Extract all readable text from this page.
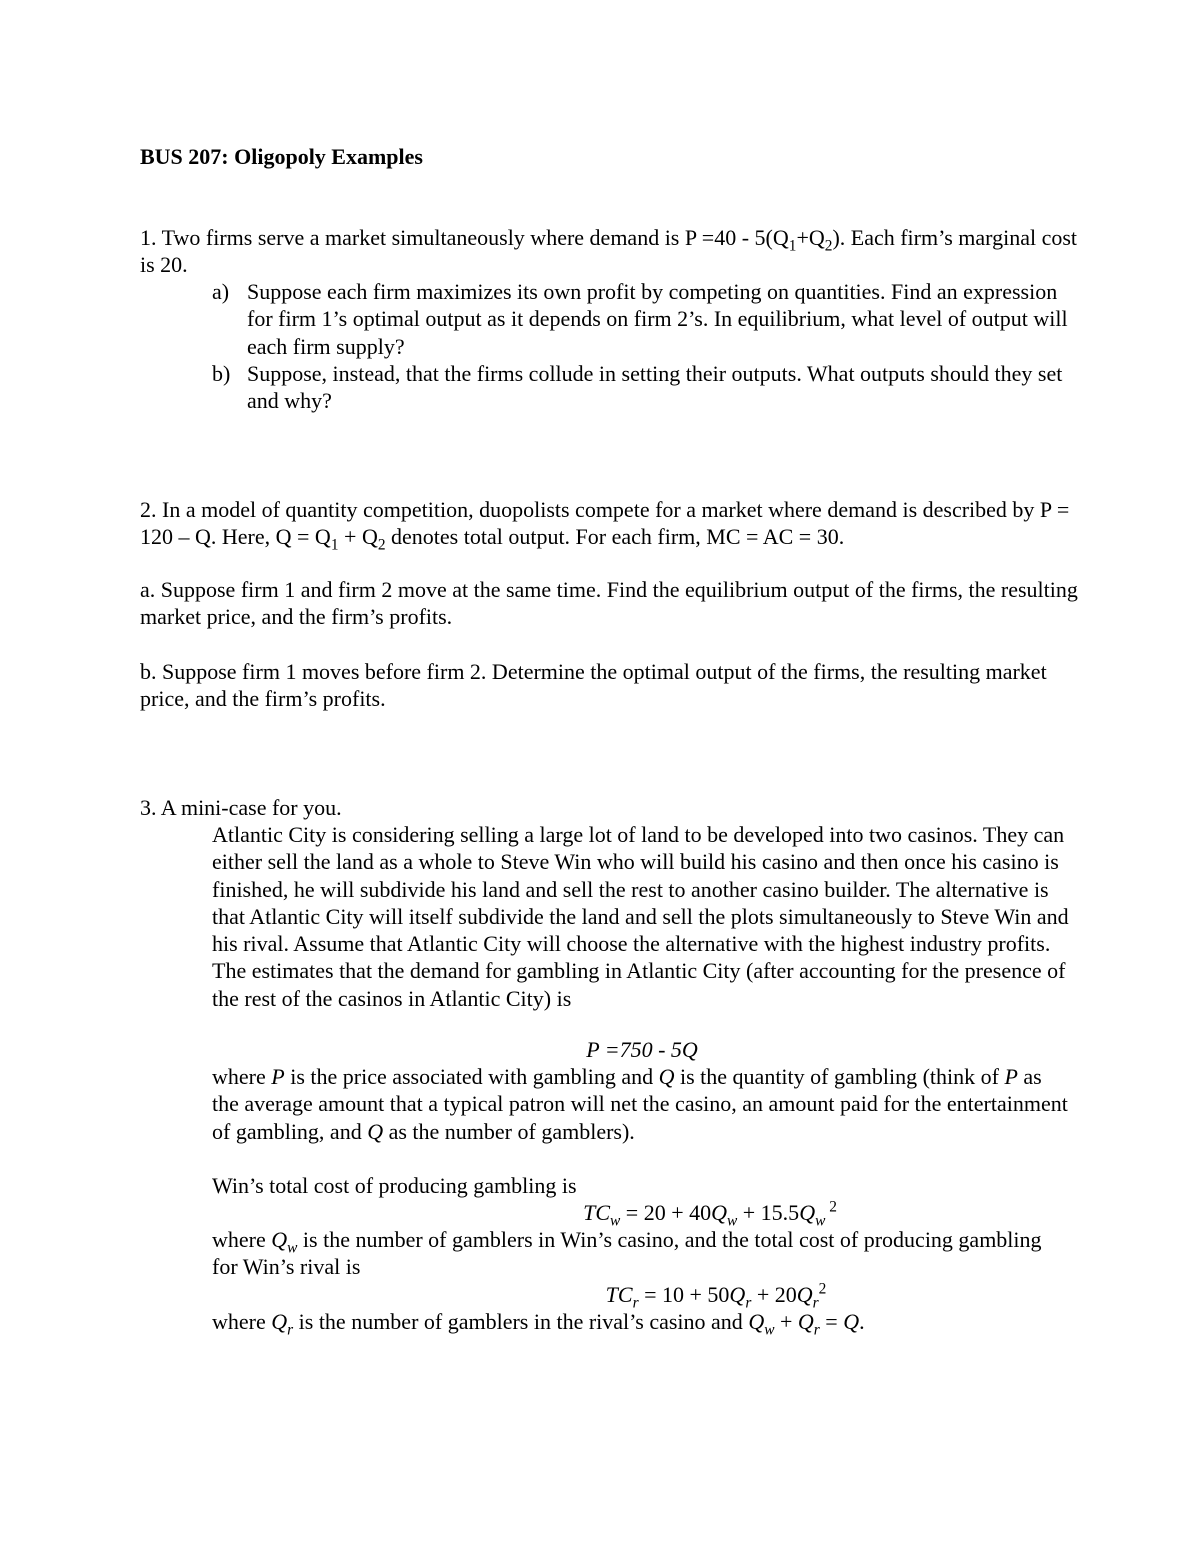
BUS 207: Oligopoly Examples
1. Two firms serve a market simultaneously where demand is $P =40 - 5(Q_1+Q_2)$. Each firm’s marginal cost is 20.
a) Suppose each firm maximizes its own profit by competing on quantities. Find an expression for firm 1’s optimal output as it depends on firm 2’s. In equilibrium, what level of output will each firm supply?
b) Suppose, instead, that the firms collude in setting their outputs. What outputs should they set and why?
2. In a model of quantity competition, duopolists compete for a market where demand is described by P = 120 – Q. Here, $Q = Q_1 + Q_2$ denotes total output. For each firm, MC = AC = 30.
a. Suppose firm 1 and firm 2 move at the same time. Find the equilibrium output of the firms, the resulting market price, and the firm’s profits.
b. Suppose firm 1 moves before firm 2. Determine the optimal output of the firms, the resulting market price, and the firm’s profits.
3. A mini-case for you.
Atlantic City is considering selling a large lot of land to be developed into two casinos. They can either sell the land as a whole to Steve Win who will build his casino and then once his casino is finished, he will subdivide his land and sell the rest to another casino builder. The alternative is that Atlantic City will itself subdivide the land and sell the plots simultaneously to Steve Win and his rival. Assume that Atlantic City will choose the alternative with the highest industry profits. The estimates that the demand for gambling in Atlantic City (after accounting for the presence of the rest of the casinos in Atlantic City) is
P =750 - 5Q
where P is the price associated with gambling and Q is the quantity of gambling (think of P as the average amount that a typical patron will net the casino, an amount paid for the entertainment of gambling, and Q as the number of gamblers).
Win’s total cost of producing gambling is
$TC_w = 20 + 40Q_w + 15.5Q_w$ $^2$
where $Q_w$ is the number of gamblers in Win’s casino, and the total cost of producing gambling for Win’s rival is
$TC_r = 10 + 50Q_r + 20Q_r^2$
where $Q_r$ is the number of gamblers in the rival’s casino and $Q_w + Q_r = Q$.
